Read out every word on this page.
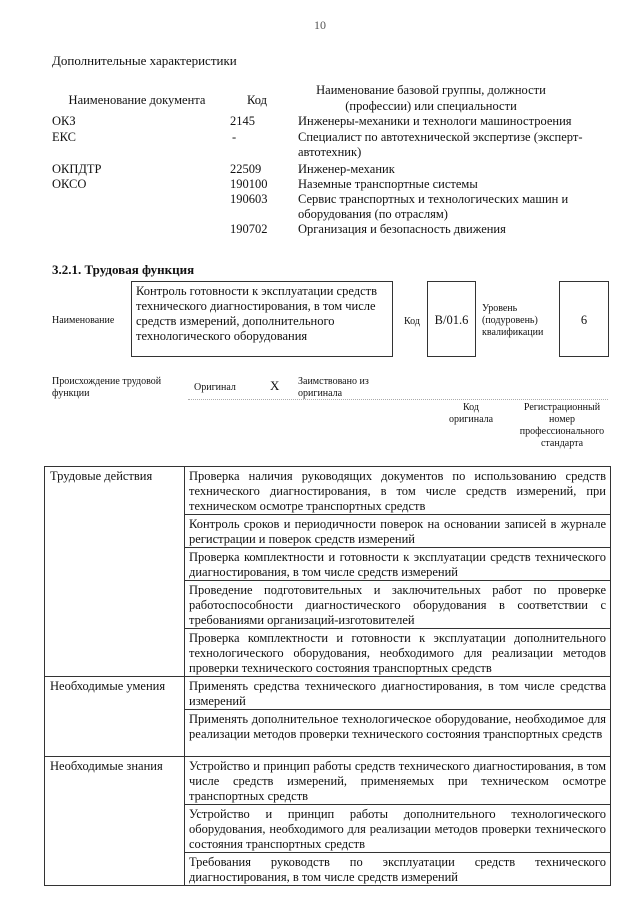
10
Дополнительные характеристики
Наименование документа	Код
Наименование базовой группы, должности (профессии) или специальности
ОКЗ	2145	Инженеры-механики и технологи машиностроения
ЕКС	-	Специалист по автотехнической экспертизе (эксперт-автотехник)
ОКПДТР	22509	Инженер-механик
ОКСО	190100	Наземные транспортные системы
190603	Сервис транспортных и технологических машин и оборудования (по отраслям)
190702	Организация и безопасность движения
3.2.1. Трудовая функция
Наименование
Контроль готовности к эксплуатации средств технического диагностирования, в том числе средств измерений, дополнительного технологического оборудования
Код	B/01.6
Уровень (подуровень) квалификации
6
Происхождение трудовой функции
Оригинал	X Заимствовано из оригинала
Код оригинала
Регистрационный номер профессионального стандарта
Трудовые действия	Проверка наличия руководящих документов по использованию средств технического диагностирования, в том числе средств измерений, при техническом осмотре транспортных средств
	Контроль сроков и периодичности поверок на основании записей в журнале регистрации и поверок средств измерений
	Проверка комплектности и готовности к эксплуатации средств технического диагностирования, в том числе средств измерений
	Проведение подготовительных и заключительных работ по проверке работоспособности диагностического оборудования в соответствии с требованиями организаций-изготовителей
	Проверка комплектности и готовности к эксплуатации дополнительного технологического оборудования, необходимого для реализации методов проверки технического состояния транспортных средств
Необходимые умения	Применять средства технического диагностирования, в том числе средства измерений
	Применять дополнительное технологическое оборудование, необходимое для реализации методов проверки технического состояния транспортных средств
Необходимые знания	Устройство и принцип работы средств технического диагностирования, в том числе средств измерений, применяемых при техническом осмотре транспортных средств
	Устройство и принцип работы дополнительного технологического оборудования, необходимого для реализации методов проверки технического состояния транспортных средств
	Требования руководств по эксплуатации средств технического диагностирования, в том числе средств измерений
